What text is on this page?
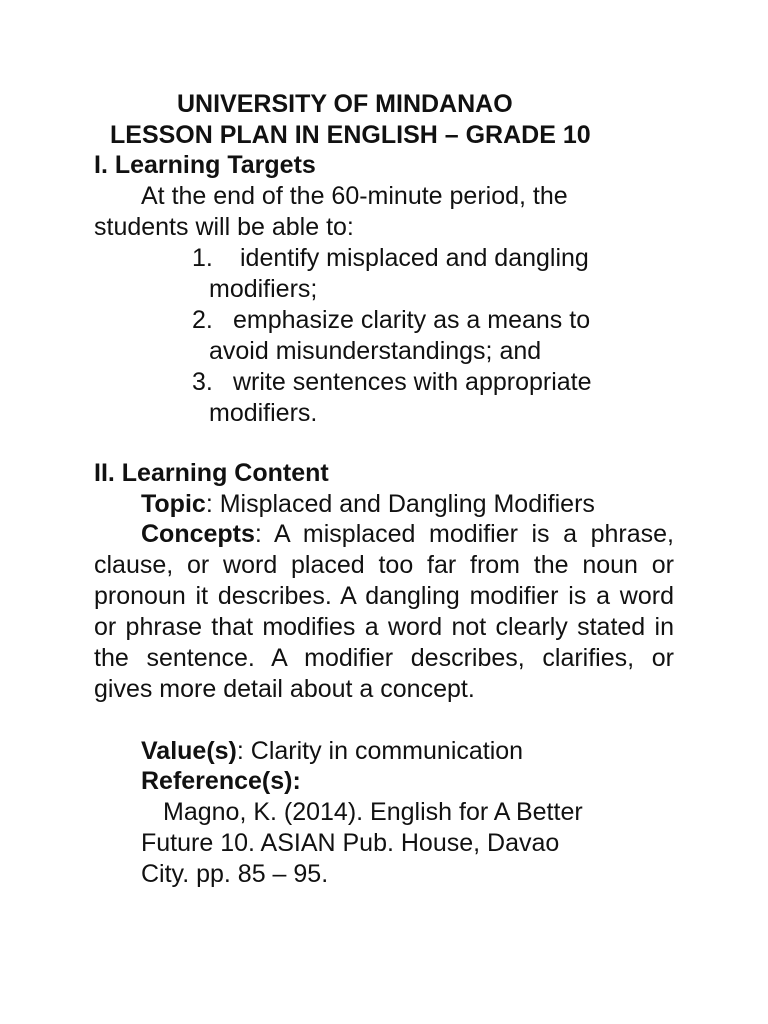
UNIVERSITY OF MINDANAO
LESSON PLAN IN ENGLISH – GRADE 10
I. Learning Targets
At the end of the 60-minute period, the
students will be able to:
1. identify misplaced and dangling
modifiers;
2. emphasize clarity as a means to
avoid misunderstandings; and
3. write sentences with appropriate
modifiers.
II. Learning Content
Topic: Misplaced and Dangling Modifiers
Concepts: A misplaced modifier is a phrase, clause, or word placed too far from the noun or pronoun it describes. A dangling modifier is a word or phrase that modifies a word not clearly stated in the sentence. A modifier describes, clarifies, or gives more detail about a concept.
Value(s): Clarity in communication
Reference(s):
Magno, K. (2014). English for A Better
Future 10. ASIAN Pub. House, Davao
City. pp. 85 – 95.
